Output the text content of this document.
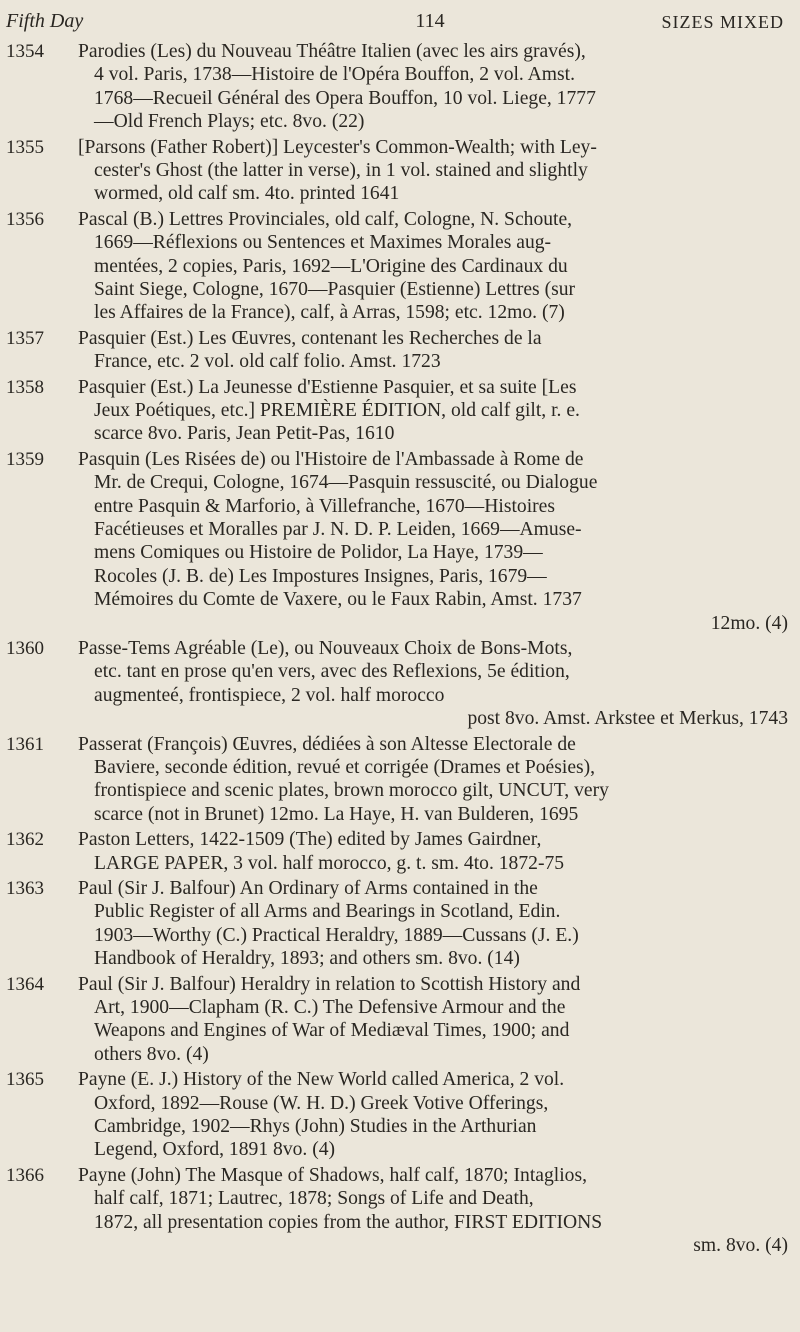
Fifth Day	114	SIZES MIXED
1354	Parodies (Les) du Nouveau Théâtre Italien (avec les airs gravés),
4 vol. Paris, 1738—Histoire de l'Opéra Bouffon, 2 vol. Amst.
1768—Recueil Général des Opera Bouffon, 10 vol. Liege, 1777
—Old French Plays; etc. 8vo. (22)
1355	[Parsons (Father Robert)] Leycester's Common-Wealth; with Ley-
cester's Ghost (the latter in verse), in 1 vol. stained and slightly
wormed, old calf sm. 4to. printed 1641
1356	Pascal (B.) Lettres Provinciales, old calf, Cologne, N. Schoute,
1669—Réflexions ou Sentences et Maximes Morales aug-
mentées, 2 copies, Paris, 1692—L'Origine des Cardinaux du
Saint Siege, Cologne, 1670—Pasquier (Estienne) Lettres (sur
les Affaires de la France), calf, à Arras, 1598; etc. 12mo. (7)
1357	Pasquier (Est.) Les Œuvres, contenant les Recherches de la
France, etc. 2 vol. old calf folio. Amst. 1723
1358	Pasquier (Est.) La Jeunesse d'Estienne Pasquier, et sa suite [Les
Jeux Poétiques, etc.] PREMIÈRE ÉDITION, old calf gilt, r. e.
scarce 8vo. Paris, Jean Petit-Pas, 1610
1359	Pasquin (Les Risées de) ou l'Histoire de l'Ambassade à Rome de
Mr. de Crequi, Cologne, 1674—Pasquin ressuscité, ou Dialogue
entre Pasquin & Marforio, à Villefranche, 1670—Histoires
Facétieuses et Moralles par J. N. D. P. Leiden, 1669—Amuse-
mens Comiques ou Histoire de Polidor, La Haye, 1739—
Rocoles (J. B. de) Les Impostures Insignes, Paris, 1679—
Mémoires du Comte de Vaxere, ou le Faux Rabin, Amst. 1737
12mo. (4)
1360	Passe-Tems Agréable (Le), ou Nouveaux Choix de Bons-Mots,
etc. tant en prose qu'en vers, avec des Reflexions, 5e édition,
augmenteé, frontispiece, 2 vol. half morocco
post 8vo. Amst. Arkstee et Merkus, 1743
1361	Passerat (François) Œuvres, dédiées à son Altesse Electorale de
Baviere, seconde édition, revué et corrigée (Drames et Poésies),
frontispiece and scenic plates, brown morocco gilt, UNCUT, very
scarce (not in Brunet) 12mo. La Haye, H. van Bulderen, 1695
1362	Paston Letters, 1422-1509 (The) edited by James Gairdner,
LARGE PAPER, 3 vol. half morocco, g. t. sm. 4to. 1872-75
1363	Paul (Sir J. Balfour) An Ordinary of Arms contained in the
Public Register of all Arms and Bearings in Scotland, Edin.
1903—Worthy (C.) Practical Heraldry, 1889—Cussans (J. E.)
Handbook of Heraldry, 1893; and others sm. 8vo. (14)
1364	Paul (Sir J. Balfour) Heraldry in relation to Scottish History and
Art, 1900—Clapham (R. C.) The Defensive Armour and the
Weapons and Engines of War of Mediæval Times, 1900; and
others 8vo. (4)
1365	Payne (E. J.) History of the New World called America, 2 vol.
Oxford, 1892—Rouse (W. H. D.) Greek Votive Offerings,
Cambridge, 1902—Rhys (John) Studies in the Arthurian
Legend, Oxford, 1891 8vo. (4)
1366	Payne (John) The Masque of Shadows, half calf, 1870; Intaglios,
half calf, 1871; Lautrec, 1878; Songs of Life and Death,
1872, all presentation copies from the author, FIRST EDITIONS
sm. 8vo. (4)
